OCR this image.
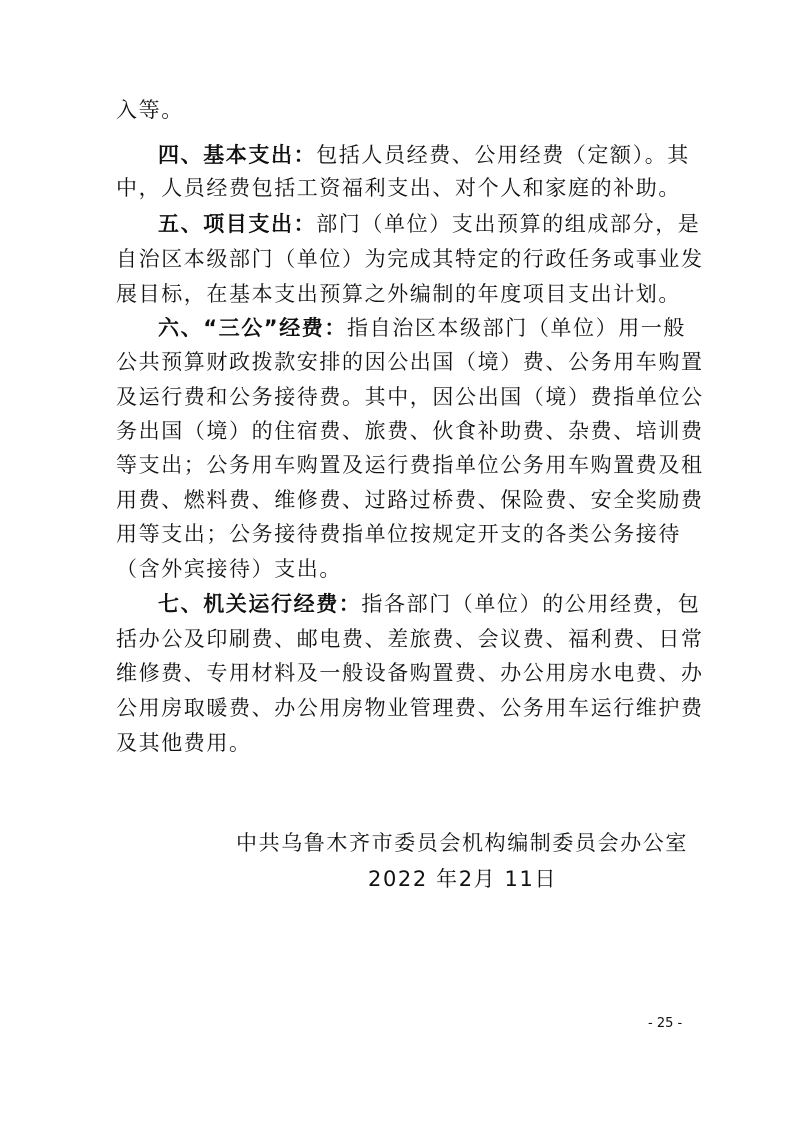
入等。
四、基本支出：包括人员经费、公用经费（定额）。其
中，人员经费包括工资福利支出、对个人和家庭的补助。
五、项目支出：部门（单位）支出预算的组成部分，是
自治区本级部门（单位）为完成其特定的行政任务或事业发
展目标，在基本支出预算之外编制的年度项目支出计划。
六、“三公”经费：指自治区本级部门（单位）用一般
公共预算财政拨款安排的因公出国（境）费、公务用车购置
及运行费和公务接待费。其中，因公出国（境）费指单位公
务出国（境）的住宿费、旅费、伙食补助费、杂费、培训费
等支出；公务用车购置及运行费指单位公务用车购置费及租
用费、燃料费、维修费、过路过桥费、保险费、安全奖励费
用等支出；公务接待费指单位按规定开支的各类公务接待
（含外宾接待）支出。
七、机关运行经费：指各部门（单位）的公用经费，包
括办公及印刷费、邮电费、差旅费、会议费、福利费、日常
维修费、专用材料及一般设备购置费、办公用房水电费、办
公用房取暖费、办公用房物业管理费、公务用车运行维护费
及其他费用。
中共乌鲁木齐市委员会机构编制委员会办公室
2022 年2月 11日
- 25 -
